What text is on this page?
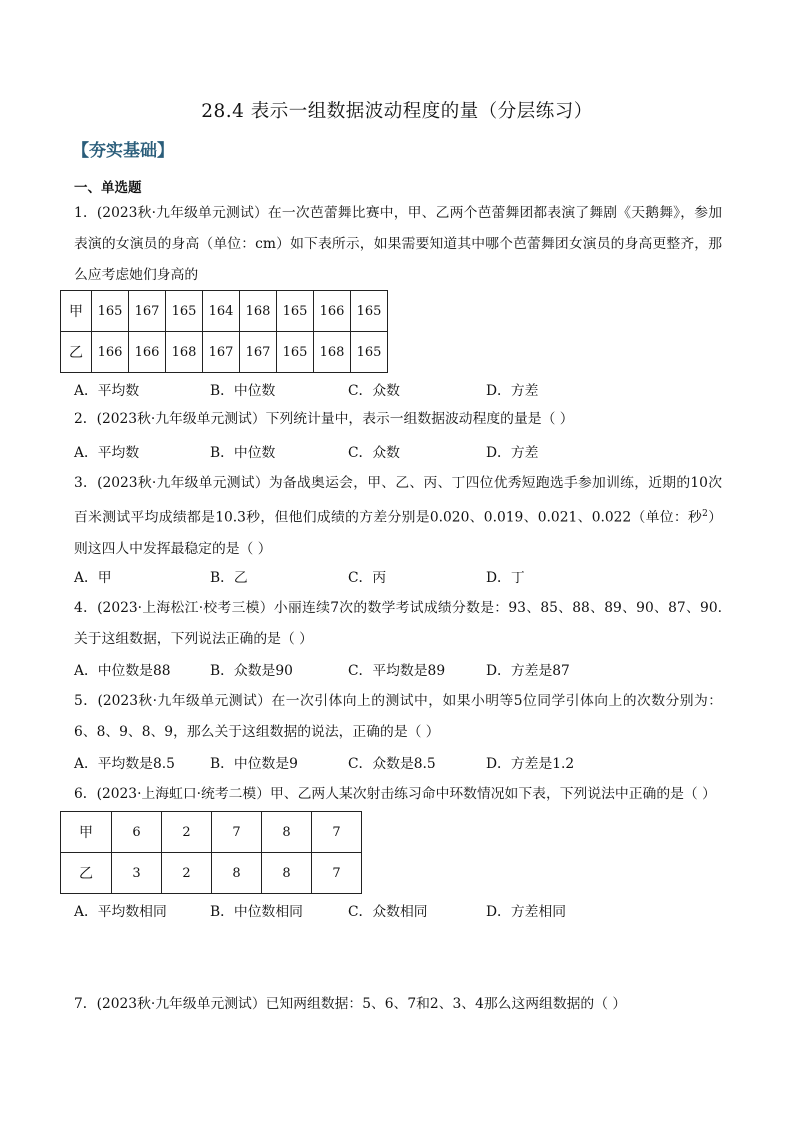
28.4 表示一组数据波动程度的量（分层练习）
【夯实基础】
一、单选题
1．(2023秋·九年级单元测试）在一次芭蕾舞比赛中，甲、乙两个芭蕾舞团都表演了舞剧《天鹅舞》，参加表演的女演员的身高（单位：cm）如下表所示，如果需要知道其中哪个芭蕾舞团女演员的身高更整齐，那么应考虑她们身高的
甲	165	167	165	164	168	165	166	165
乙	166	166	168	167	167	165	168	165
A．平均数	B．中位数	C．众数	D．方差
2．(2023秋·九年级单元测试）下列统计量中，表示一组数据波动程度的量是（ ）
A．平均数	B．中位数	C．众数	D．方差
3．(2023秋·九年级单元测试）为备战奥运会，甲、乙、丙、丁四位优秀短跑选手参加训练，近期的10次百米测试平均成绩都是10.3秒，但他们成绩的方差分别是0.020、0.019、0.021、0.022（单位：秒$^2$）则这四人中发挥最稳定的是（ ）
A．甲	B．乙	C．丙	D．丁
4．(2023·上海松江·校考三模）小丽连续7次的数学考试成绩分数是：93、85、88、89、90、87、90.关于这组数据，下列说法正确的是（ ）
A．中位数是88	B．众数是90	C．平均数是89	D．方差是87
5．(2023秋·九年级单元测试）在一次引体向上的测试中，如果小明等5位同学引体向上的次数分别为：6、8、9、8、9，那么关于这组数据的说法，正确的是（ ）
A．平均数是8.5	B．中位数是9	C．众数是8.5	D．方差是1.2
6．(2023·上海虹口·统考二模）甲、乙两人某次射击练习命中环数情况如下表，下列说法中正确的是（ ）
甲	6	2	7	8	7
乙	3	2	8	8	7
A．平均数相同	B．中位数相同	C．众数相同	D．方差相同
7．(2023秋·九年级单元测试）已知两组数据：5、6、7和2、3、4那么这两组数据的（ ）
